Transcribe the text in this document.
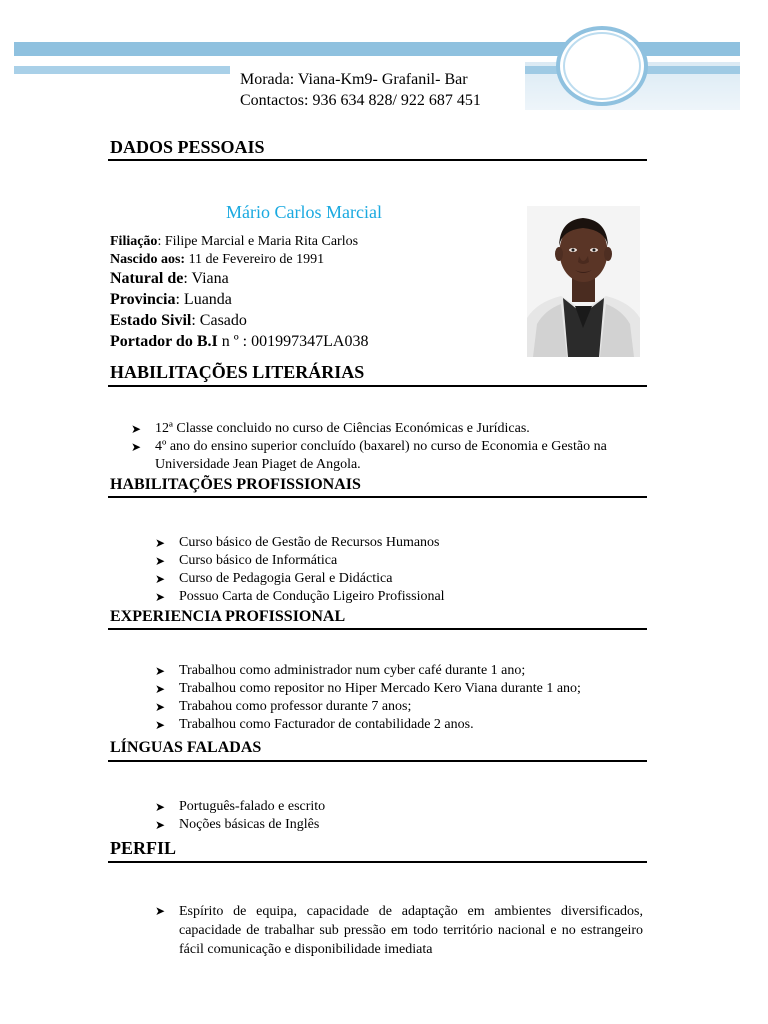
Morada: Viana-Km9- Grafanil- Bar
Contactos: 936 634 828/ 922 687 451
DADOS PESSOAIS
Mário Carlos Marcial
Filiação: Filipe Marcial e Maria Rita Carlos
Nascido aos: 11 de Fevereiro de 1991
Natural de: Viana
Provincia: Luanda
Estado Sivil: Casado
Portador do B.I n º : 001997347LA038
HABILITAÇÕES LITERÁRIAS
➤ 12ª Classe concluido no curso de Ciências Económicas e Jurídicas.
➤ 4º ano do ensino superior concluído (baxarel) no curso de Economia e Gestão na Universidade Jean Piaget de Angola.
HABILITAÇÕES PROFISSIONAIS
➤ Curso básico de Gestão de Recursos Humanos
➤ Curso básico de Informática
➤ Curso de Pedagogia Geral e Didáctica
➤ Possuo Carta de Condução Ligeiro Profissional
EXPERIENCIA PROFISSIONAL
➤ Trabalhou como administrador num cyber café durante 1 ano;
➤ Trabalhou como repositor no Hiper Mercado Kero Viana durante 1 ano;
➤ Trabahou como professor durante 7 anos;
➤ Trabalhou como Facturador de contabilidade 2 anos.
LÍNGUAS FALADAS
➤ Português-falado e escrito
➤ Noções básicas de Inglês
PERFIL
➤ Espírito de equipa, capacidade de adaptação em ambientes diversificados, capacidade de trabalhar sub pressão em todo território nacional e no estrangeiro fácil comunicação e disponibilidade imediata
